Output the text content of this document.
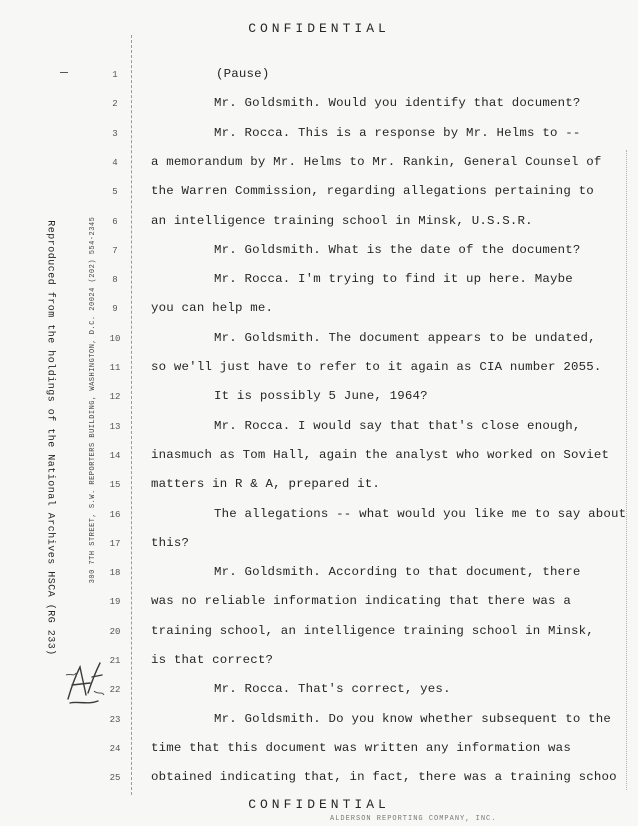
CONFIDENTIAL
Reproduced from the holdings of the National Archives HSCA (RG 233)	300 7TH STREET, S.W. REPORTERS BUILDING, WASHINGTON, D.C. 20024 (202) 554-2345
1	(Pause)
2	Mr. Goldsmith. Would you identify that document?
3	Mr. Rocca. This is a response by Mr. Helms to --
4	a memorandum by Mr. Helms to Mr. Rankin, General Counsel of
5	the Warren Commission, regarding allegations pertaining to
6	an intelligence training school in Minsk, U.S.S.R.
7	Mr. Goldsmith. What is the date of the document?
8	Mr. Rocca. I'm trying to find it up here. Maybe
9	you can help me.
10	Mr. Goldsmith. The document appears to be undated,
11 so we'll just have to refer to it again as CIA number 2055.
12	It is possibly 5 June, 1964?
13	Mr. Rocca. I would say that that's close enough,
14 inasmuch as Tom Hall, again the analyst who worked on Soviet
15 matters in R & A, prepared it.
16	The allegations -- what would you like me to say about
17 this?
18	Mr. Goldsmith. According to that document, there
19 was no reliable information indicating that there was a
20 training school, an intelligence training school in Minsk,
21 is that correct?
22	Mr. Rocca. That's correct, yes.
23	Mr. Goldsmith. Do you know whether subsequent to the
24 time that this document was written any information was
25 obtained indicating that, in fact, there was a training schoo
CONFIDENTIAL
ALDERSON REPORTING COMPANY, INC.
